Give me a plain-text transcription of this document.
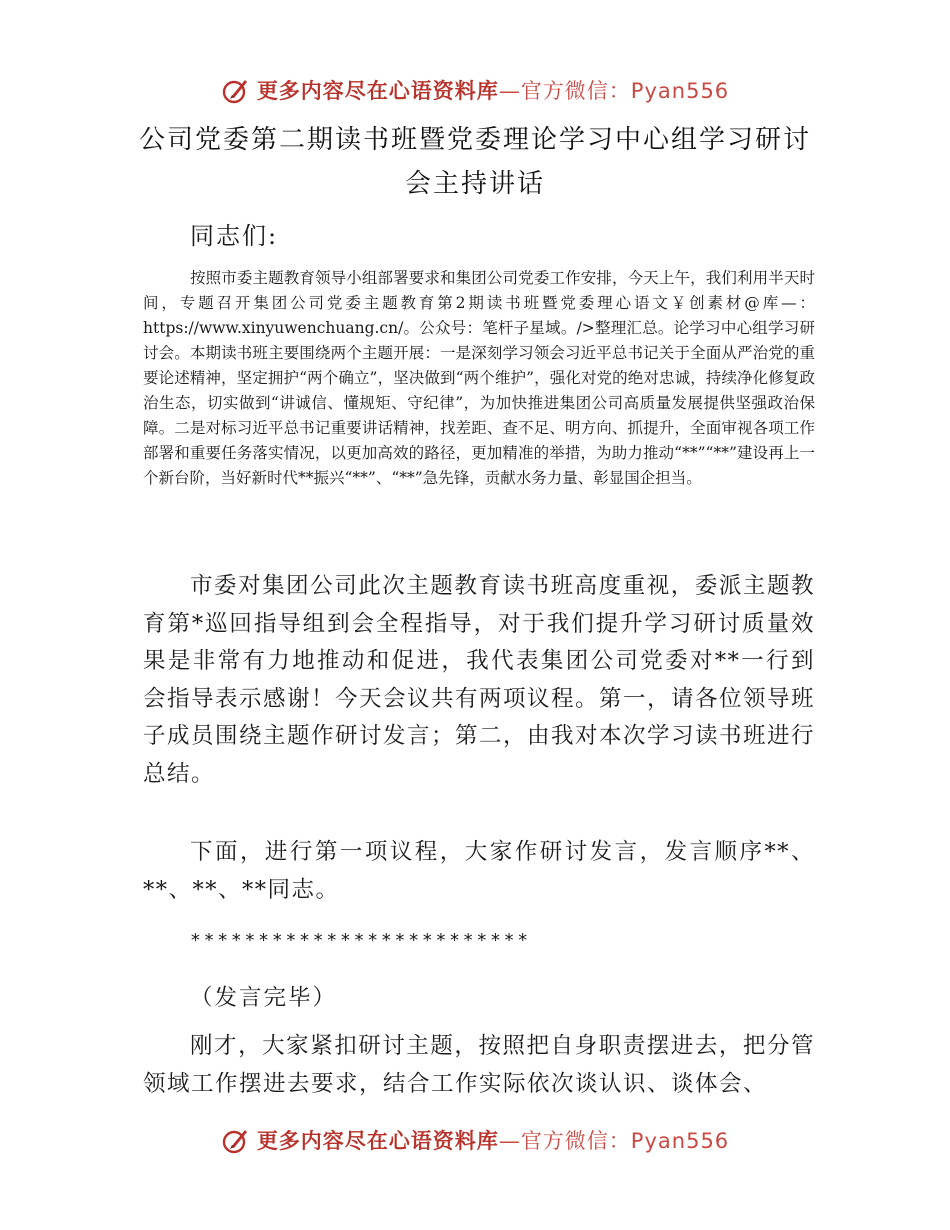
更多内容尽在心语资料库—官方微信：Pyan556
公司党委第二期读书班暨党委理论学习中心组学习研讨会主持讲话
同志们:
按照市委主题教育领导小组部署要求和集团公司党委工作安排，今天上午，我们利用半天时间，专题召开集团公司党委主题教育第2期读书班暨党委理心语文￥创素材@库—：https://www.xinyuwenchuang.cn/。公众号：笔杆子星域。/>整理汇总。论学习中心组学习研讨会。本期读书班主要围绕两个主题开展：一是深刻学习领会习近平总书记关于全面从严治党的重要论述精神，坚定拥护“两个确立”，坚决做到“两个维护”，强化对党的绝对忠诚，持续净化修复政治生态，切实做到“讲诚信、懂规矩、守纪律”，为加快推进集团公司高质量发展提供坚强政治保障。二是对标习近平总书记重要讲话精神，找差距、查不足、明方向、抓提升，全面审视各项工作部署和重要任务落实情况，以更加高效的路径，更加精准的举措，为助力推动“**”“**”建设再上一个新台阶，当好新时代**振兴“**”、“**”急先锋，贡献水务力量、彰显国企担当。
市委对集团公司此次主题教育读书班高度重视，委派主题教育第*巡回指导组到会全程指导，对于我们提升学习研讨质量效果是非常有力地推动和促进，我代表集团公司党委对**一行到会指导表示感谢！今天会议共有两项议程。第一，请各位领导班子成员围绕主题作研讨发言；第二，由我对本次学习读书班进行总结。
下面，进行第一项议程，大家作研讨发言，发言顺序**、**、**、**同志。
*************************
（发言完毕）
刚才，大家紧扣研讨主题，按照把自身职责摆进去，把分管领域工作摆进去要求，结合工作实际依次谈认识、谈体会、
更多内容尽在心语资料库—官方微信：Pyan556
